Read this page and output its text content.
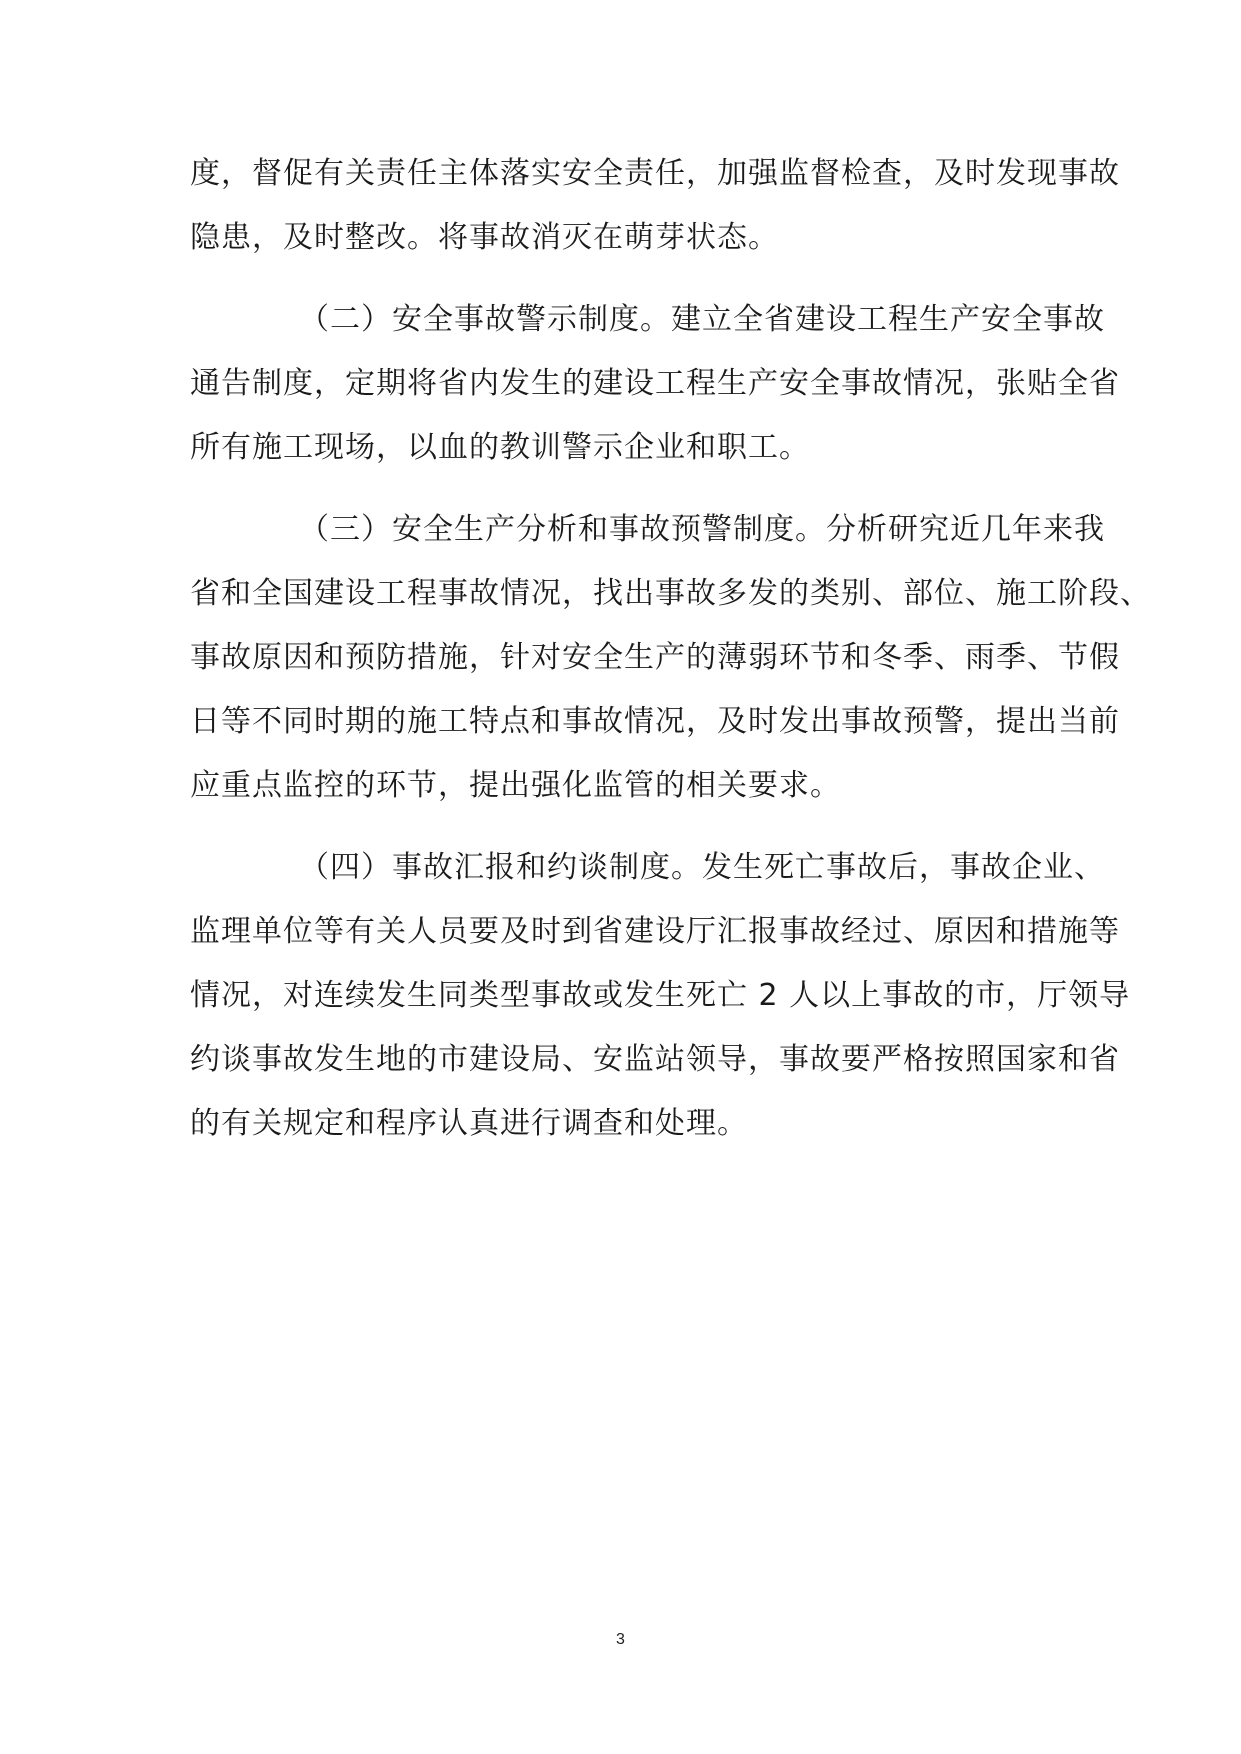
度，督促有关责任主体落实安全责任，加强监督检查，及时发现事故
隐患，及时整改。将事故消灭在萌芽状态。

　　　　（二）安全事故警示制度。建立全省建设工程生产安全事故
通告制度，定期将省内发生的建设工程生产安全事故情况，张贴全省
所有施工现场，以血的教训警示企业和职工。

　　　　（三）安全生产分析和事故预警制度。分析研究近几年来我
省和全国建设工程事故情况，找出事故多发的类别、部位、施工阶段、
事故原因和预防措施，针对安全生产的薄弱环节和冬季、雨季、节假
日等不同时期的施工特点和事故情况，及时发出事故预警，提出当前
应重点监控的环节，提出强化监管的相关要求。

　　　　（四）事故汇报和约谈制度。发生死亡事故后，事故企业、
监理单位等有关人员要及时到省建设厅汇报事故经过、原因和措施等
情况，对连续发生同类型事故或发生死亡 2 人以上事故的市，厅领导
约谈事故发生地的市建设局、安监站领导，事故要严格按照国家和省
的有关规定和程序认真进行调查和处理。

3
